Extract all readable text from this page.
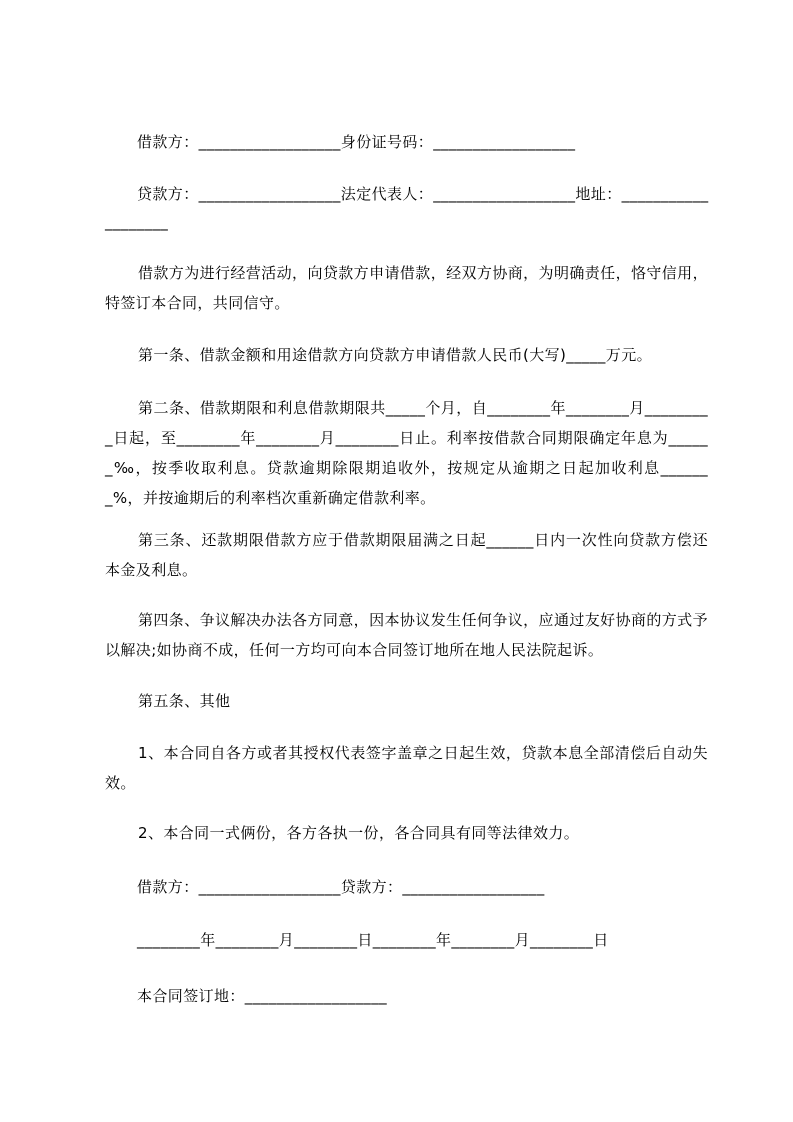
借款方：__________________身份证号码：__________________
贷款方：__________________法定代表人：__________________地址：___________
________
借款方为进行经营活动，向贷款方申请借款，经双方协商，为明确责任，恪守信用，特签订本合同，共同信守。
第一条、借款金额和用途借款方向贷款方申请借款人民币(大写)_____万元。
第二条、借款期限和利息借款期限共_____个月，自________年________月_________日起，至________年________月________日止。利率按借款合同期限确定年息为______‰，按季收取利息。贷款逾期除限期追收外，按规定从逾期之日起加收利息_______%，并按逾期后的利率档次重新确定借款利率。
第三条、还款期限借款方应于借款期限届满之日起______日内一次性向贷款方偿还本金及利息。
第四条、争议解决办法各方同意，因本协议发生任何争议，应通过友好协商的方式予以解决;如协商不成，任何一方均可向本合同签订地所在地人民法院起诉。
第五条、其他
1、本合同自各方或者其授权代表签字盖章之日起生效，贷款本息全部清偿后自动失效。
2、本合同一式俩份，各方各执一份，各合同具有同等法律效力。
借款方：__________________贷款方：__________________
________年________月________日________年________月________日
本合同签订地：__________________
